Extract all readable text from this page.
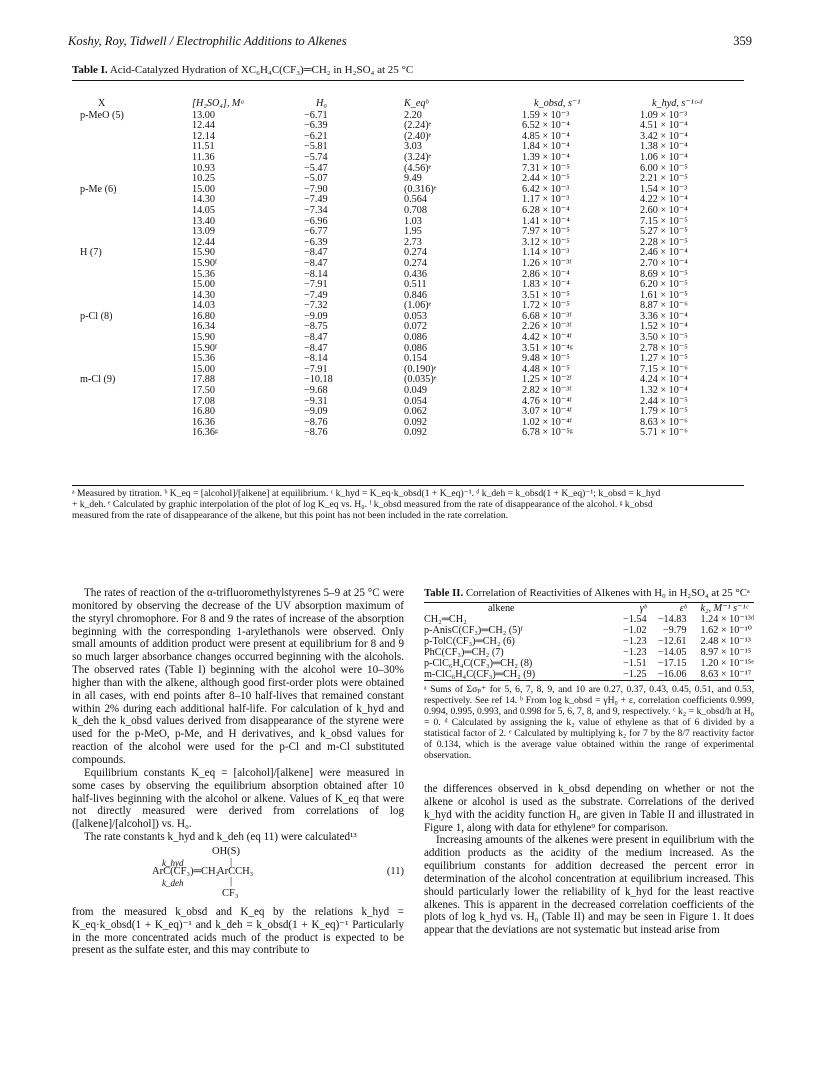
Koshy, Roy, Tidwell / Electrophilic Additions to Alkenes	359
Table I. Acid-Catalyzed Hydration of XC₆H₄C(CF₃)═CH₂ in H₂SO₄ at 25 °C
X	[H₂SO₄], Mᵃ	H₀	K_eqᵇ	k_obsd, s⁻¹	k_hyd, s⁻¹ᶜ·ᵈ
p-MeO (5)	13.00	−6.71	2.20	1.59 × 10⁻³	1.09 × 10⁻³
	12.44	−6.39	(2.24)ᵉ	6.52 × 10⁻⁴	4.51 × 10⁻⁴
	12.14	−6.21	(2.40)ᵉ	4.85 × 10⁻⁴	3.42 × 10⁻⁴
	11.51	−5.81	3.03	1.84 × 10⁻⁴	1.38 × 10⁻⁴
	11.36	−5.74	(3.24)ᵉ	1.39 × 10⁻⁴	1.06 × 10⁻⁴
	10.93	−5.47	(4.56)ᵉ	7.31 × 10⁻⁵	6.00 × 10⁻⁵
	10.25	−5.07	9.49	2.44 × 10⁻⁵	2.21 × 10⁻⁵
p-Me (6)	15.00	−7.90	(0.316)ᵉ	6.42 × 10⁻³	1.54 × 10⁻³
	14.30	−7.49	0.564	1.17 × 10⁻³	4.22 × 10⁻⁴
	14.05	−7.34	0.708	6.28 × 10⁻⁴	2.60 × 10⁻⁴
	13.40	−6.96	1.03	1.41 × 10⁻⁴	7.15 × 10⁻⁵
	13.09	−6.77	1.95	7.97 × 10⁻⁵	5.27 × 10⁻⁵
	12.44	−6.39	2.73	3.12 × 10⁻⁵	2.28 × 10⁻⁵
H (7)	15.90	−8.47	0.274	1.14 × 10⁻³	2.46 × 10⁻⁴
	15.90ᶠ	−8.47	0.274	1.26 × 10⁻³ᶠ	2.70 × 10⁻⁴
	15.36	−8.14	0.436	2.86 × 10⁻⁴	8.69 × 10⁻⁵
	15.00	−7.91	0.511	1.83 × 10⁻⁴	6.20 × 10⁻⁵
	14.30	−7.49	0.846	3.51 × 10⁻⁵	1.61 × 10⁻⁵
	14.03	−7.32	(1.06)ᵉ	1.72 × 10⁻⁵	8.87 × 10⁻⁶
p-Cl (8)	16.80	−9.09	0.053	6.68 × 10⁻³ᶠ	3.36 × 10⁻⁴
	16.34	−8.75	0.072	2.26 × 10⁻³ᶠ	1.52 × 10⁻⁴
	15.90	−8.47	0.086	4.42 × 10⁻⁴ᶠ	3.50 × 10⁻⁵
	15.90ᶠ	−8.47	0.086	3.51 × 10⁻⁴ᵍ	2.78 × 10⁻⁵
	15.36	−8.14	0.154	9.48 × 10⁻⁵	1.27 × 10⁻⁵
	15.00	−7.91	(0.190)ᵉ	4.48 × 10⁻⁵	7.15 × 10⁻⁶
m-Cl (9)	17.88	−10.18	(0.035)ᵉ	1.25 × 10⁻²ᶠ	4.24 × 10⁻⁴
	17.50	−9.68	0.049	2.82 × 10⁻³ᶠ	1.32 × 10⁻⁴
	17.08	−9.31	0.054	4.76 × 10⁻⁴ᶠ	2.44 × 10⁻⁵
	16.80	−9.09	0.062	3.07 × 10⁻⁴ᶠ	1.79 × 10⁻⁵
	16.36	−8.76	0.092	1.02 × 10⁻⁴ᶠ	8.63 × 10⁻⁶
	16.36ᵍ	−8.76	0.092	6.78 × 10⁻⁵ᵍ	5.71 × 10⁻⁶
ᵃ Measured by titration. ᵇ K_eq = [alcohol]/[alkene] at equilibrium. ᶜ k_hyd = K_eq·k_obsd(1 + K_eq)⁻¹. ᵈ k_deh = k_obsd(1 + K_eq)⁻¹; k_obsd = k_hyd
+ k_deh. ᵉ Calculated by graphic interpolation of the plot of log K_eq vs. H₀. ᶠ k_obsd measured from the rate of disappearance of the alcohol. ᵍ k_obsd
measured from the rate of disappearance of the alkene, but this point has not been included in the rate correlation.

The rates of reaction of the α-trifluoromethylstyrenes 5–9 at 25 °C were monitored by observing the decrease of the UV absorption maximum of the styryl chromophore. For 8 and 9 the rates of increase of the absorption beginning with the corresponding 1-arylethanols were observed. Only small amounts of addition product were present at equilibrium for 8 and 9 so much larger absorbance changes occurred beginning with the alcohols. The observed rates (Table I) beginning with the alcohol were 10–30% higher than with the alkene, although good first-order plots were obtained in all cases, with end points after 8–10 half-lives that remained constant within 2% during each additional half-life. For calculation of k_hyd and k_deh the k_obsd values derived from disappearance of the styrene were used for the p-MeO, p-Me, and H derivatives, and k_obsd values for reaction of the alcohol were used for the p-Cl and m-Cl substituted compounds.

Equilibrium constants K_eq = [alcohol]/[alkene] were measured in some cases by observing the equilibrium absorption obtained after 10 half-lives beginning with the alcohol or alkene. Values of K_eq that were not directly measured were derived from correlations of log ([alkene]/[alcohol]) vs. H₀.

The rate constants k_hyd and k_deh (eq 11) were calculated¹³

OH(S)
|
ArC(CF₃)═CH₂
k_hyd
k_deh
ArCCH₃
|
CF₃
(11)

from the measured k_obsd and K_eq by the relations k_hyd = K_eq·k_obsd(1 + K_eq)⁻¹ and k_deh = k_obsd(1 + K_eq)⁻¹ Particularly in the more concentrated acids much of the product is expected to be present as the sulfate ester, and this may contribute to

Table II. Correlation of Reactivities of Alkenes with H₀ in H₂SO₄ at 25 °Cᵃ
alkene	γᵇ	εᵇ	k₂, M⁻¹ s⁻¹ᶜ
CH₂═CH₂	−1.54	−14.83	1.24 × 10⁻¹³ᵈ
p-AnisC(CF₃)═CH₂ (5)ᶠ	−1.02	−9.79	1.62 × 10⁻¹⁰
p-TolC(CF₃)═CH₂ (6)	−1.23	−12.61	2.48 × 10⁻¹³
PhC(CF₃)═CH₂ (7)	−1.23	−14.05	8.97 × 10⁻¹⁵
p-ClC₆H₄C(CF₃)═CH₂ (8)	−1.51	−17.15	1.20 × 10⁻¹⁵ᵉ
m-ClC₆H₄C(CF₃)═CH₂ (9)	−1.25	−16.06	8.63 × 10⁻¹⁷
ᵃ Sums of Σσₚ⁺ for 5, 6, 7, 8, 9, and 10 are 0.27, 0.37, 0.43, 0.45, 0.51, and 0.53, respectively. See ref 14. ᵇ From log k_obsd = γH₀ + ε, correlation coefficients 0.999, 0.994, 0.995, 0.993, and 0.998 for 5, 6, 7, 8, and 9, respectively. ᶜ k₂ = k_obsd/h at H₀ = 0. ᵈ Calculated by assigning the k₂ value of ethylene as that of 6 divided by a statistical factor of 2. ᵉ Calculated by multiplying k₂ for 7 by the 8/7 reactivity factor of 0.134, which is the average value obtained within the range of experimental observation.

the differences observed in k_obsd depending on whether or not the alkene or alcohol is used as the substrate. Correlations of the derived k_hyd with the acidity function H₀ are given in Table II and illustrated in Figure 1, along with data for ethylene⁹ for comparison.

Increasing amounts of the alkenes were present in equilibrium with the addition products as the acidity of the medium increased. As the equilibrium constants for addition decreased the percent error in determination of the alcohol concentration at equilibrium increased. This should particularly lower the reliability of k_hyd for the least reactive alkenes. This is apparent in the decreased correlation coefficients of the plots of log k_hyd vs. H₀ (Table II) and may be seen in Figure 1. It does appear that the deviations are not systematic but instead arise from
